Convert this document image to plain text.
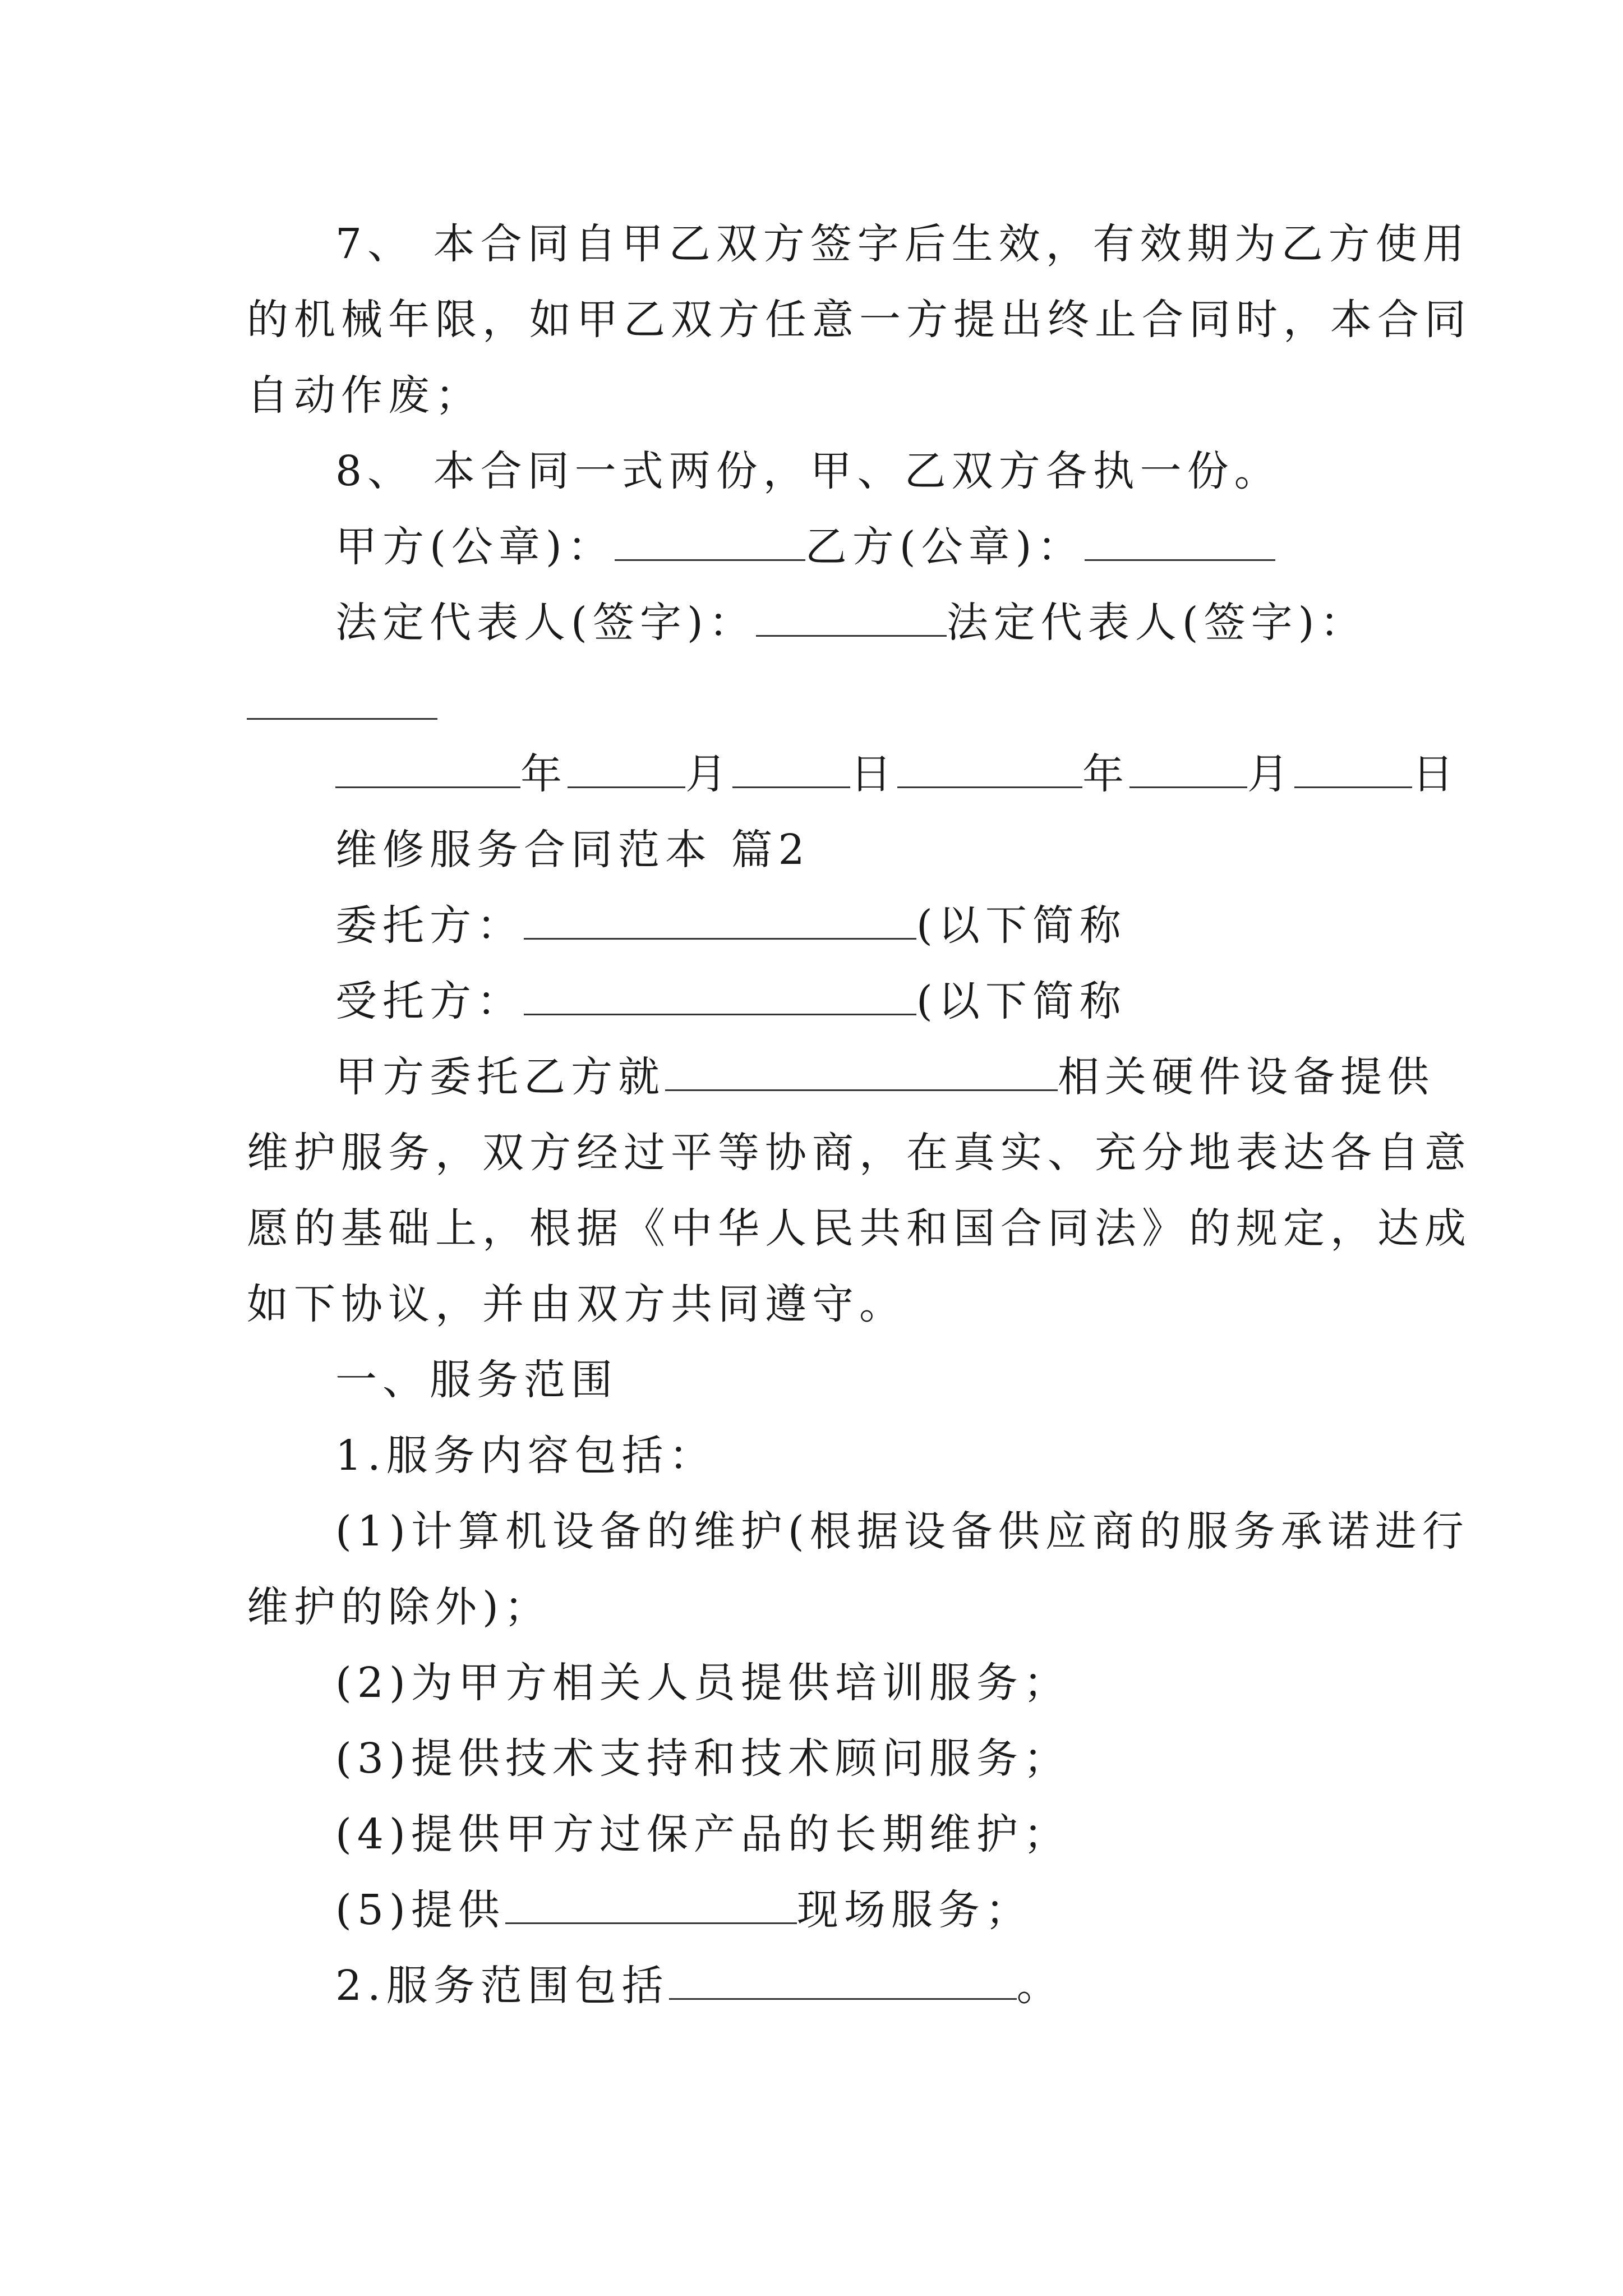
7、 本合同自甲乙双方签字后生效，有效期为乙方使用
的机械年限，如甲乙双方任意一方提出终止合同时，本合同
自动作废；
8、 本合同一式两份，甲、乙双方各执一份。
甲方(公章)：	乙方(公章)：
法定代表人(签字)：	法定代表人(签字)：
年	月	日	年	月	日
维修服务合同范本 篇2
委托方：	(以下简称
受托方：	(以下简称
甲方委托乙方就	相关硬件设备提供
维护服务，双方经过平等协商，在真实、充分地表达各自意
愿的基础上，根据《中华人民共和国合同法》的规定，达成
如下协议，并由双方共同遵守。
一、服务范围
1.服务内容包括：
(1)计算机设备的维护(根据设备供应商的服务承诺进行
维护的除外)；
(2)为甲方相关人员提供培训服务；
(3)提供技术支持和技术顾问服务；
(4)提供甲方过保产品的长期维护；
(5)提供	现场服务；
2.服务范围包括	。
